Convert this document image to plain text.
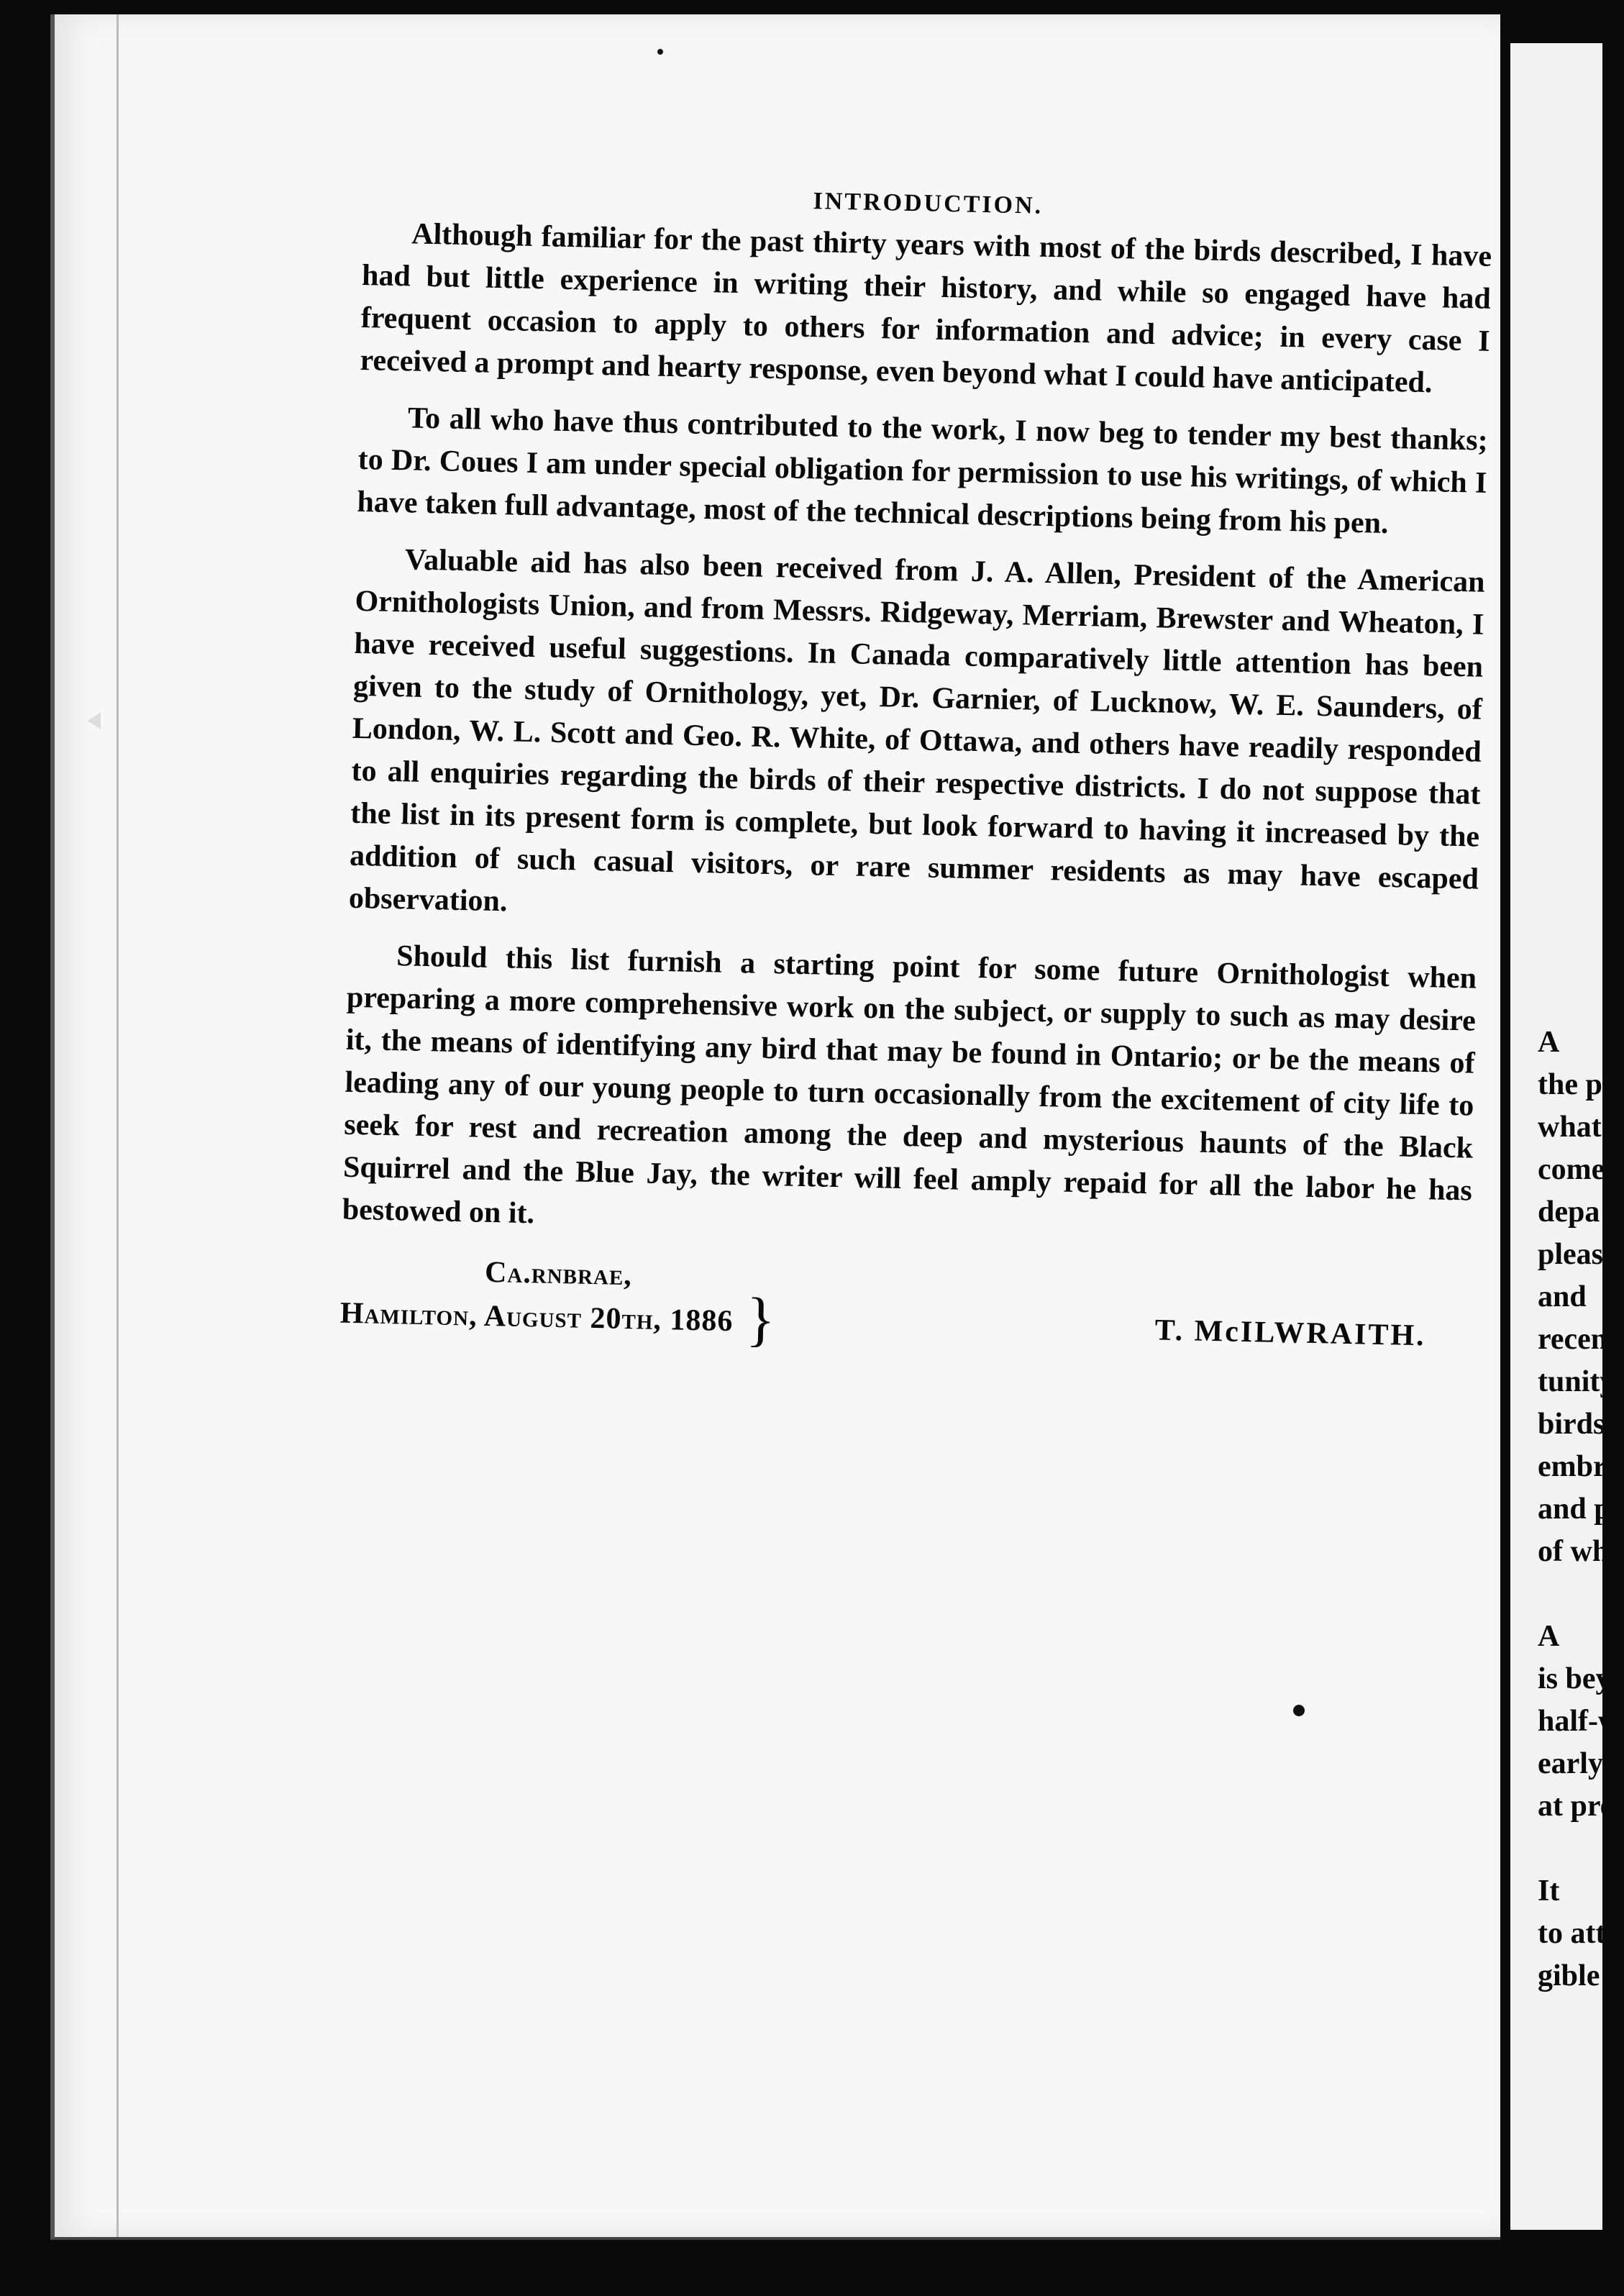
INTRODUCTION.

Although familiar for the past thirty years with most of the birds described, I have had but little experience in writing their history, and while so engaged have had frequent occasion to apply to others for information and advice; in every case I received a prompt and hearty response, even beyond what I could have anticipated.

To all who have thus contributed to the work, I now beg to tender my best thanks; to Dr. Coues I am under special obligation for permission to use his writings, of which I have taken full advantage, most of the technical descriptions being from his pen.

Valuable aid has also been received from J. A. Allen, President of the American Ornithologists Union, and from Messrs. Ridgeway, Merriam, Brewster and Wheaton, I have received useful suggestions. In Canada comparatively little attention has been given to the study of Ornithology, yet, Dr. Garnier, of Lucknow, W. E. Saunders, of London, W. L. Scott and Geo. R. White, of Ottawa, and others have readily responded to all enquiries regarding the birds of their respective districts. I do not suppose that the list in its present form is complete, but look forward to having it increased by the addition of such casual visitors, or rare summer residents as may have escaped observation.

Should this list furnish a starting point for some future Ornithologist when preparing a more comprehensive work on the subject, or supply to such as may desire it, the means of identifying any bird that may be found in Ontario; or be the means of leading any of our young people to turn occasionally from the excitement of city life to seek for rest and recreation among the deep and mysterious haunts of the Black Squirrel and the Blue Jay, the writer will feel amply repaid for all the labor he has bestowed on it.

Ca.rnbrae,
Hamilton, August 20th, 1886 }	T. McILWRAITH.
A
the p
what
come
depa
pleas
and
recen
tunity
birds
embr
and p
of wh

A
is bey
half-w
early
at pre

It
to atte
gible b
